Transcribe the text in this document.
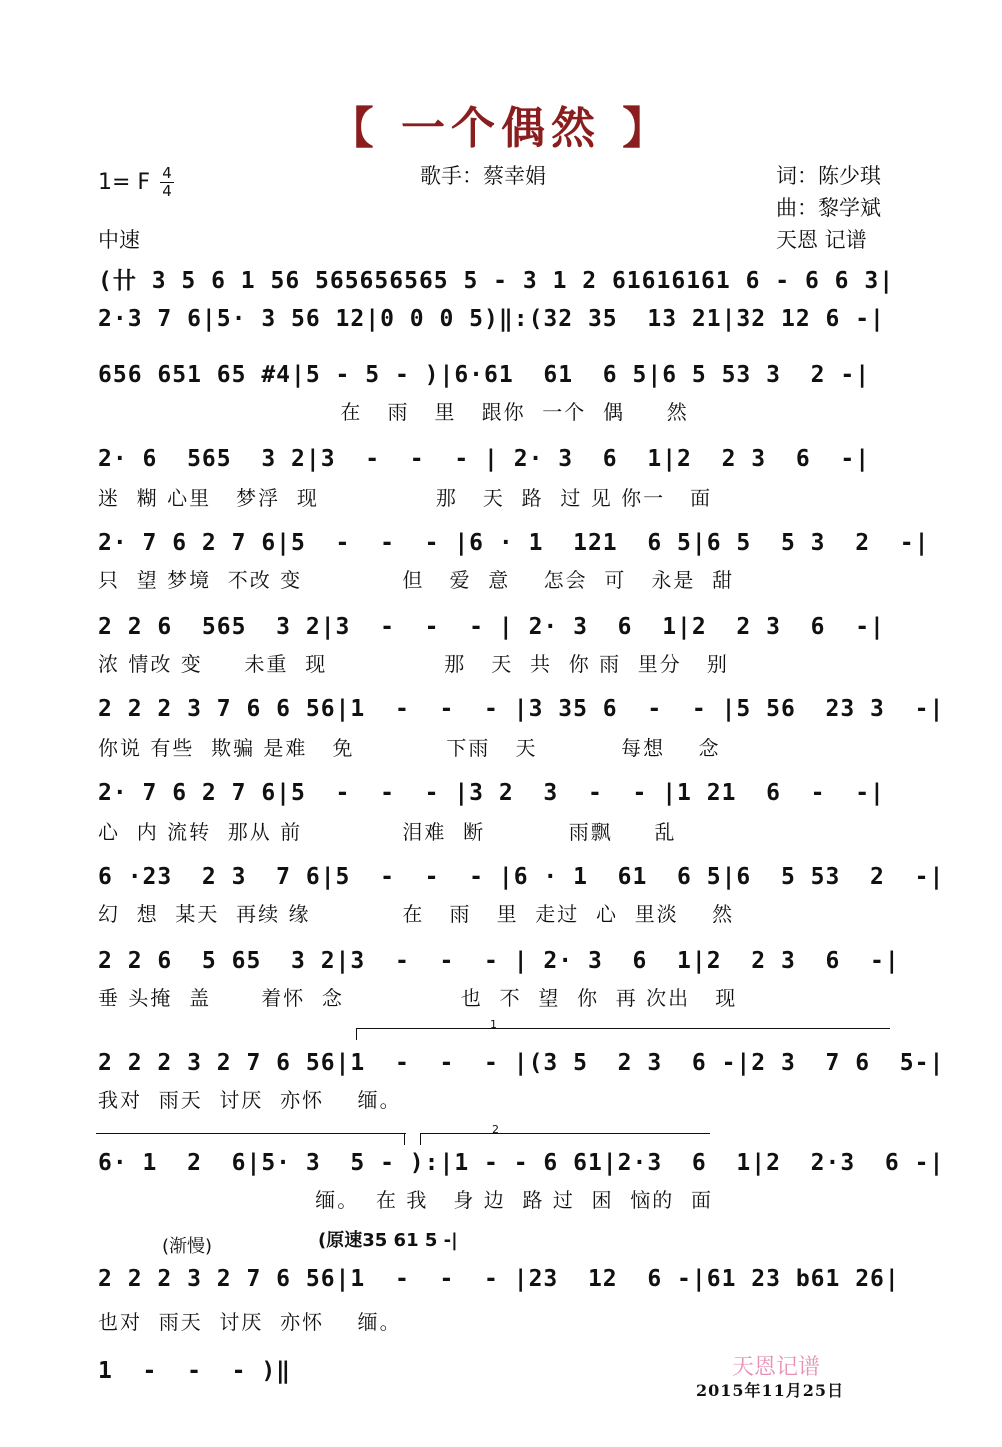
【 一个偶然 】
歌手：蔡幸娟	词：陈少琪
曲：黎学斌
天恩 记谱
1= F 4
4
中速
(卄 3 5 6 1 56 565656565 5 - 3 1 2 61616161 6 - 6 6 3|
2·3 7 6|5· 3 56 12|0 0 0 5)‖:(32 35  13 21|32 12 6 -|
656 651 65 #4|5 - 5 - )|6·61  61  6 5|6 5 53 3  2 -|
在   雨   里   跟你  一个  偶     然
2· 6  565  3 2|3  -  -  - | 2· 3  6  1|2  2 3  6  -|
迷  糊 心里   梦浮  现              那   天  路  过 见 你一   面
2· 7 6 2 7 6|5  -  -  - |6 · 1  121  6 5|6 5  5 3  2  -|
只  望 梦境  不改 变            但   爱  意    怎会  可   永是  甜
2 2 6  565  3 2|3  -  -  - | 2· 3  6  1|2  2 3  6  -|
浓 情改 变     未重  现              那   天  共  你 雨  里分   别
2 2 2 3 7 6 6 56|1  -  -  - |3 35 6  -  - |5 56  23 3  -|
你说 有些  欺骗 是难   免           下雨   天          每想    念
2· 7 6 2 7 6|5  -  -  - |3 2  3  -  - |1 21  6  -  -|
心  内 流转  那从 前            泪难  断          雨飘     乱
6 ·23  2 3  7 6|5  -  -  - |6 · 1  61  6 5|6  5 53  2  -|
幻  想  某天  再续 缘           在   雨   里  走过  心  里淡    然
2 2 6  5 65  3 2|3  -  -  - | 2· 3  6  1|2  2 3  6  -|
垂 头掩  盖      着怀  念              也  不  望  你  再 次出   现
2 2 2 3 2 7 6 56|1  -  -  - |(3 5  2 3  6 -|2 3  7 6  5-|
我对  雨天  讨厌  亦怀    缅。
6· 1  2  6|5· 3  5 - ):|1 - - 6 61|2·3  6  1|2  2·3  6 -|
缅。  在 我   身 边  路 过  困  恼的  面
2 2 2 3 2 7 6 56|1  -  -  - |23  12  6 -|61 23 b61 26|
也对  雨天  讨厌  亦怀    缅。
1  -  -  - )‖
1
2
(渐慢)	(原速35 61 5 -|
天恩记谱
2015年11月25日
